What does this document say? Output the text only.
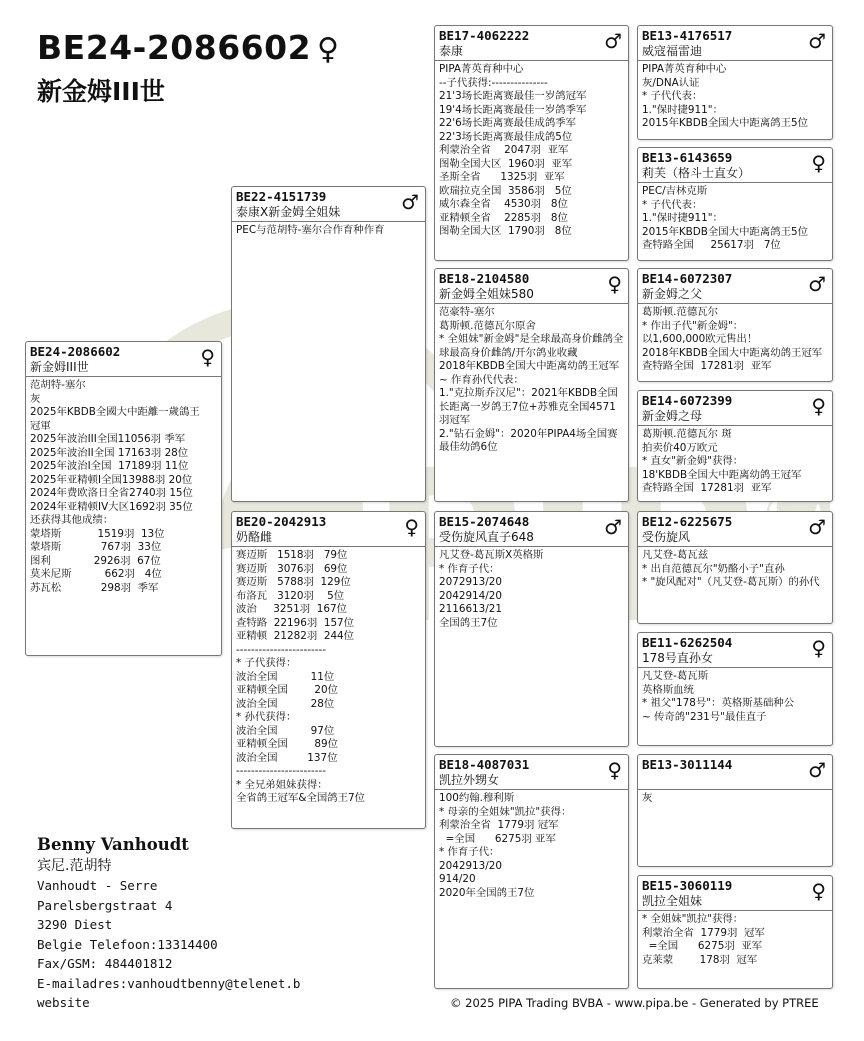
BE24-2086602 ♀
新金姆III世
BE24-2086602
新金姆III世	♀
范胡特-塞尔
灰
2025年KBDB全國大中距離一歲鴿王
冠軍
2025年波治III全国11056羽 季军
2025年波治II全国 17163羽 28位
2025年波治I全国  17189羽 11位
2025年亚精顿I全国13988羽 20位
2024年费欧洛日全省2740羽 15位
2024年亚精顿IV大区1692羽 35位
还获得其他成绩：
蒙塔斯           1519羽  13位
蒙塔斯            767羽  33位
图利             2926羽  67位
莫米尼斯          662羽   4位
苏瓦松            298羽  季军
BE22-4151739
泰康X新金姆全姐妹	♂
PEC与范胡特-塞尔合作育种作育
BE20-2042913
奶酪雌	♀
赛迈斯   1518羽   79位
赛迈斯   3076羽   69位
赛迈斯   5788羽  129位
布洛瓦   3120羽    5位
波治     3251羽  167位
查特路  22196羽  157位
亚精顿  21282羽  244位
------------------------
* 子代获得：
波治全国          11位
亚精顿全国        20位
波治全国          28位
* 孙代获得：
波治全国          97位
亚精顿全国        89位
波治全国         137位
------------------------
* 全兄弟姐妹获得：
全省鸽王冠军&全国鸽王7位
BE17-4062222
泰康	♂
PIPA菁英育种中心
--子代获得:---------------
21'3场长距离赛最佳一岁鸽冠军
19'4场长距离赛最佳一岁鸽季军
22'6场长距离赛最佳成鸽季军
22'3场长距离赛最佳成鸽5位
利蒙治全省    2047羽  亚军
图勒全国大区  1960羽  亚军
圣斯全省      1325羽  亚军
欧瑞拉克全国  3586羽   5位
威尔森全省    4530羽   8位
亚精顿全省    2285羽   8位
图勒全国大区  1790羽   8位
BE18-2104580
新金姆全姐妹580	♀
范豪特-塞尔
葛斯顿.范德瓦尔原舍
* 全姐妹"新金姆"是全球最高身价雌鸽全球最高身价雌鸽/开尔鸽业收藏
2018年KBDB全国大中距离幼鸽王冠军
~ 作育孙代代表：
1."克拉斯乔汉尼"：2021年KBDB全国长距离一岁鸽王7位+苏雅克全国4571羽冠军
2."钻石金姆"：2020年PIPA4场全国赛最佳幼鸽6位
BE15-2074648
受伤旋风直子648	♂
凡艾登-葛瓦斯X英格斯
* 作育子代：
2072913/20
2042914/20
2116613/21
全国鸽王7位
BE18-4087031
凯拉外甥女	♀
100约翰.穆利斯
* 母亲的全姐妹"凯拉"获得：
利蒙治全省  1779羽 冠军
=全国      6275羽 亚军
* 作育子代：
2042913/20
914/20
2020年全国鸽王7位
BE13-4176517
威寇福雷迪	♂
PIPA菁英育种中心
灰/DNA认证
* 子代代表：
1."保时捷911"：
2015年KBDB全国大中距离鸽王5位
BE13-6143659
莉芙（格斗士直女）	♀
PEC/吉林克斯
* 子代代表：
1."保时捷911"：
2015年KBDB全国大中距离鸽王5位
查特路全国     25617羽   7位
BE14-6072307
新金姆之父	♂
葛斯顿.范德瓦尔
* 作出子代"新金姆"：
以1,600,000欧元售出！
2018年KBDB全国大中距离幼鸽王冠军
查特路全国  17281羽  亚军
BE14-6072399
新金姆之母	♀
葛斯顿.范德瓦尔 斑
拍卖价40万欧元
* 直女"新金姆"获得：
18'KBDB全国大中距离幼鸽王冠军
查特路全国  17281羽  亚军
BE12-6225675
受伤旋风	♂
凡艾登-葛瓦兹
* 出自范德瓦尔"奶酪小子"直孙
* "旋风配对"（凡艾登-葛瓦斯）的孙代
BE11-6262504
178号直孙女	♀
凡艾登-葛瓦斯
英格斯血统
* 祖父"178号"：英格斯基础种公
~ 传奇鸽"231号"最佳直子
BE13-3011144	♂
灰
BE15-3060119
凯拉全姐妹	♀
* 全姐妹"凯拉"获得：
利蒙治全省  1779羽  冠军
=全国      6275羽  亚军
克莱蒙        178羽  冠军
Benny Vanhoudt
宾尼.范胡特
Vanhoudt - Serre
Parelsbergstraat 4
3290 Diest
Belgie Telefoon:13314400
Fax/GSM: 484401812
E-mailadres:vanhoudtbenny@telenet.b
website	© 2025 PIPA Trading BVBA - www.pipa.be - Generated by PTREE
